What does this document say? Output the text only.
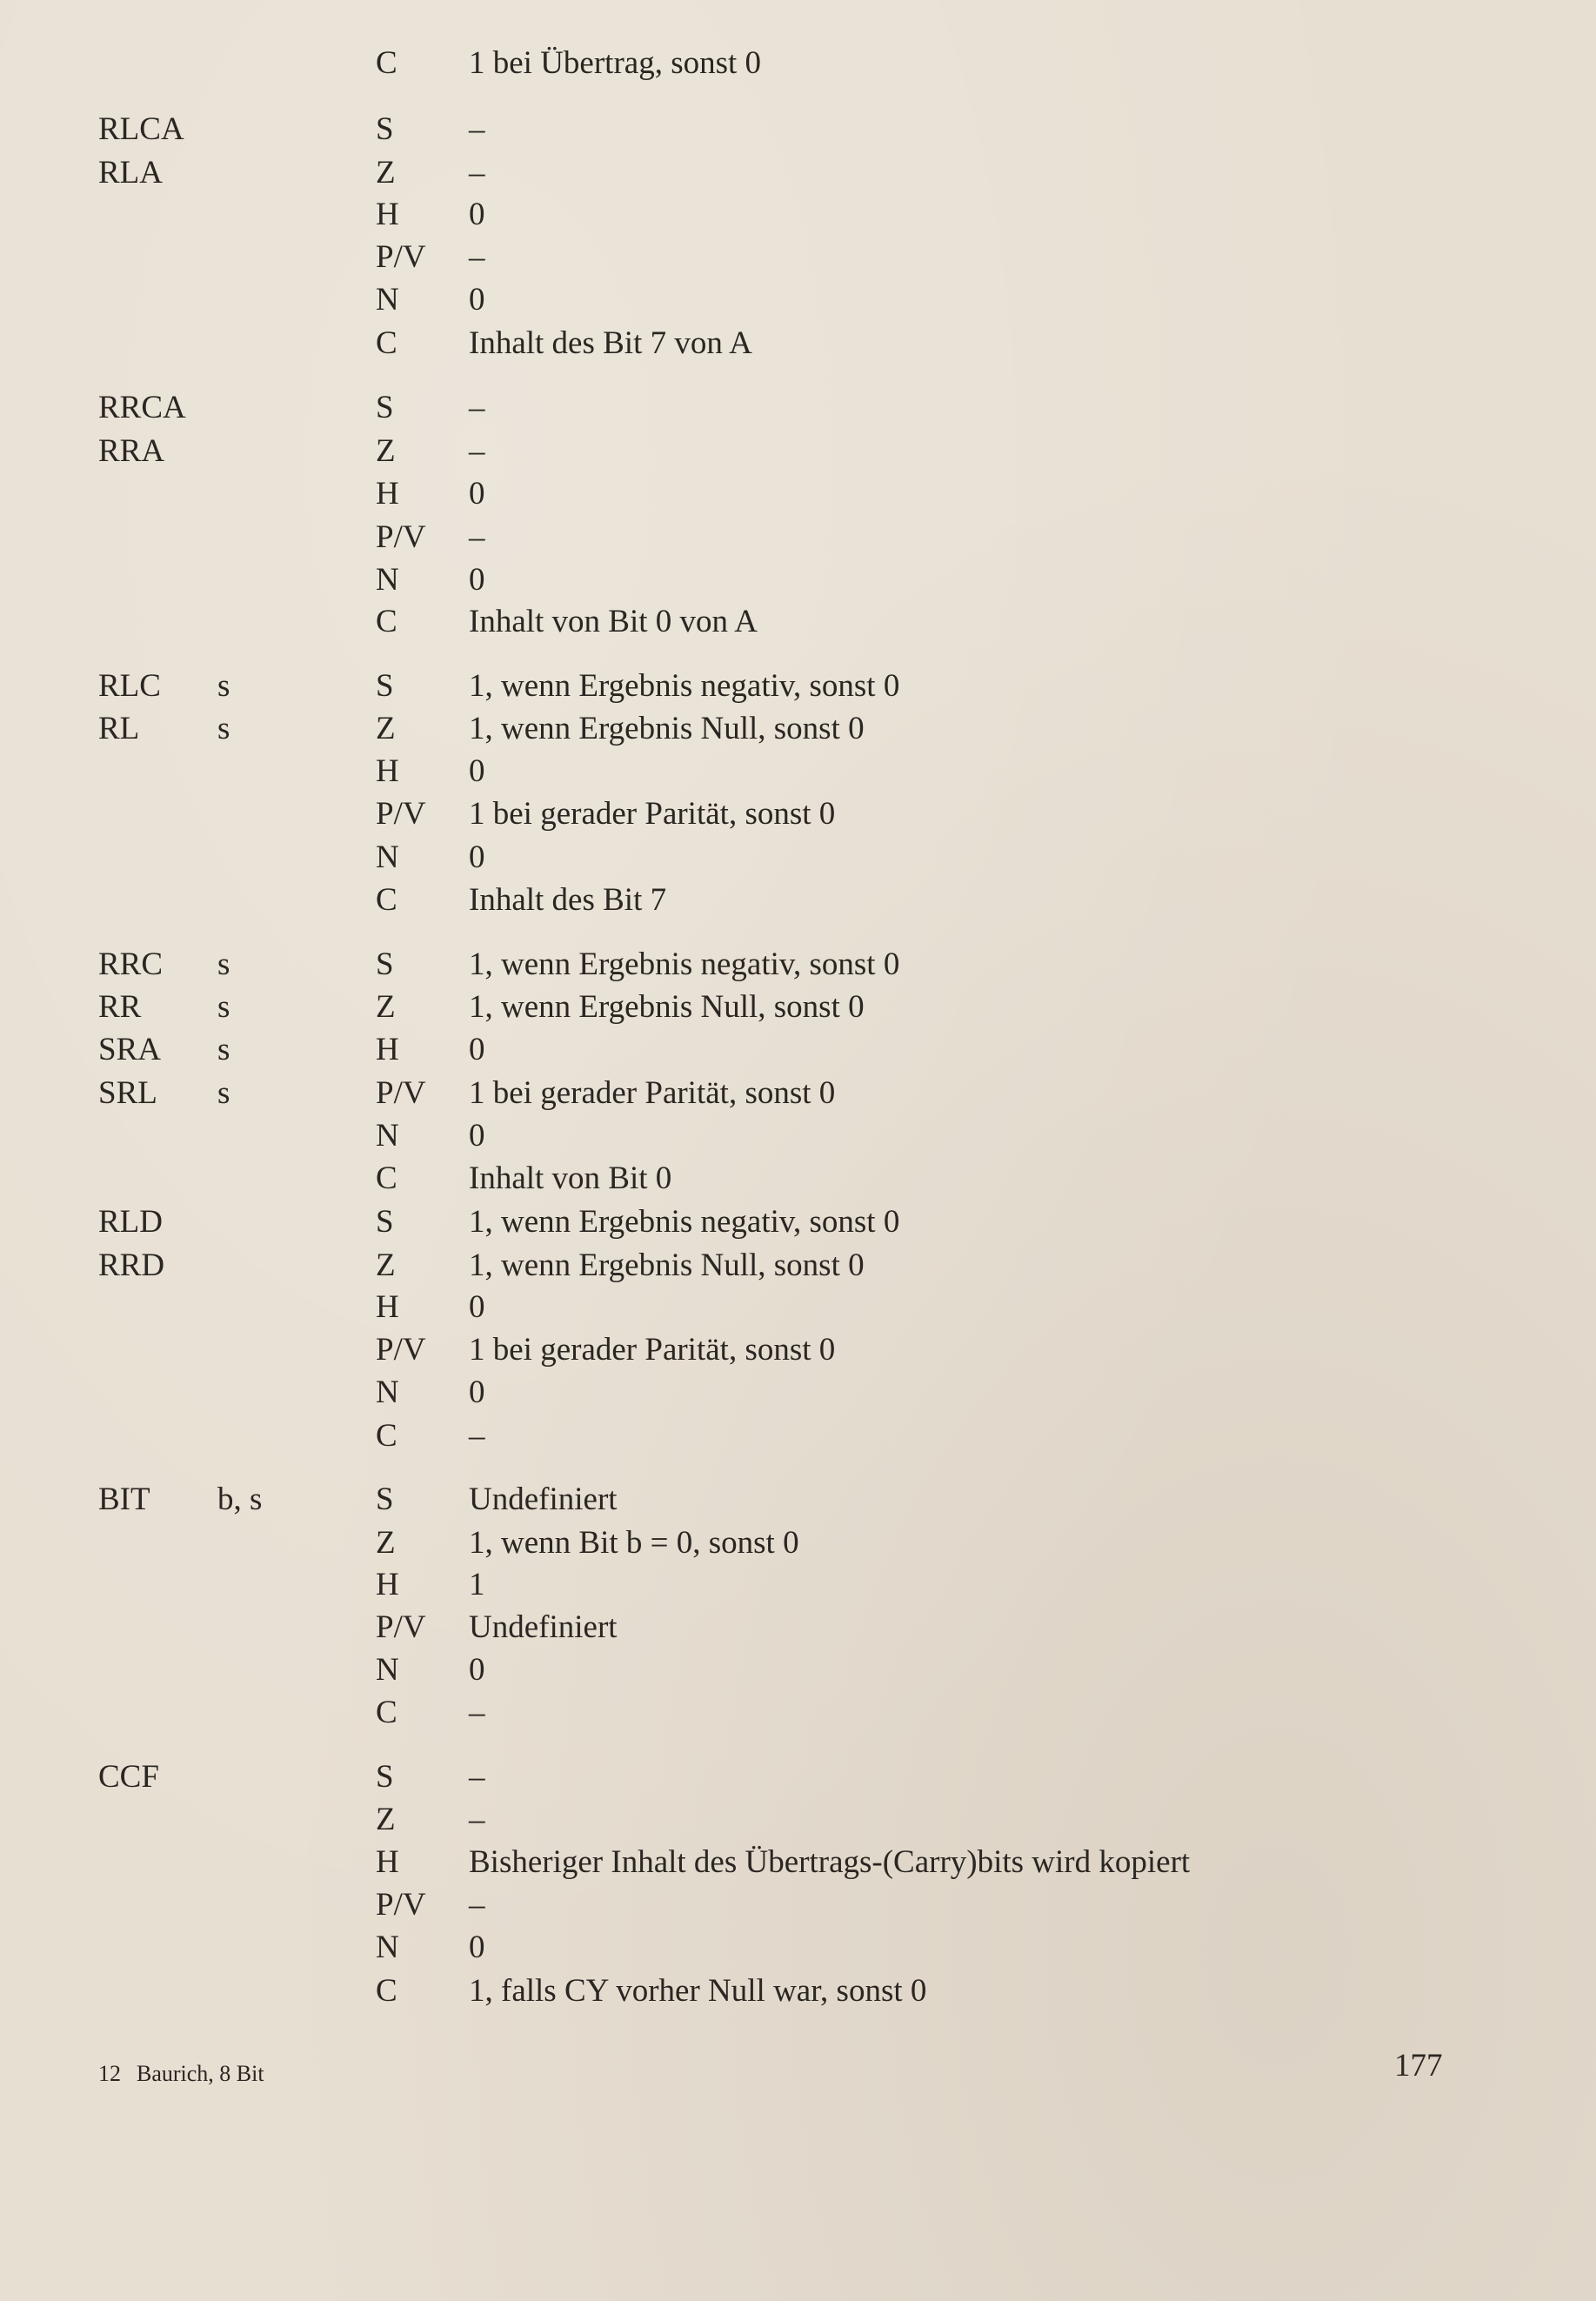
C 1 bei Übertrag, sonst 0
RLCA	S –
RLA	Z –
H 0
P/V –
N 0
C Inhalt des Bit 7 von A
RRCA	S –
RRA	Z –
H 0
P/V –
N 0
C Inhalt von Bit 0 von A
RLC s	S 1, wenn Ergebnis negativ, sonst 0
RL s	Z 1, wenn Ergebnis Null, sonst 0
H 0
P/V 1 bei gerader Parität, sonst 0
N 0
C Inhalt des Bit 7
RRC s	S 1, wenn Ergebnis negativ, sonst 0
RR s	Z 1, wenn Ergebnis Null, sonst 0
SRA s	H 0
SRL s	P/V 1 bei gerader Parität, sonst 0
N 0
C Inhalt von Bit 0
RLD	S 1, wenn Ergebnis negativ, sonst 0
RRD	Z 1, wenn Ergebnis Null, sonst 0
H 0
P/V 1 bei gerader Parität, sonst 0
N 0
C –
BIT b, s	S Undefiniert
Z 1, wenn Bit b = 0, sonst 0
H 1
P/V Undefiniert
N 0
C –
CCF	S –
Z –
H Bisheriger Inhalt des Übertrags-(Carry)bits wird kopiert
P/V –
N 0
C 1, falls CY vorher Null war, sonst 0
12 Baurich, 8 Bit	177
